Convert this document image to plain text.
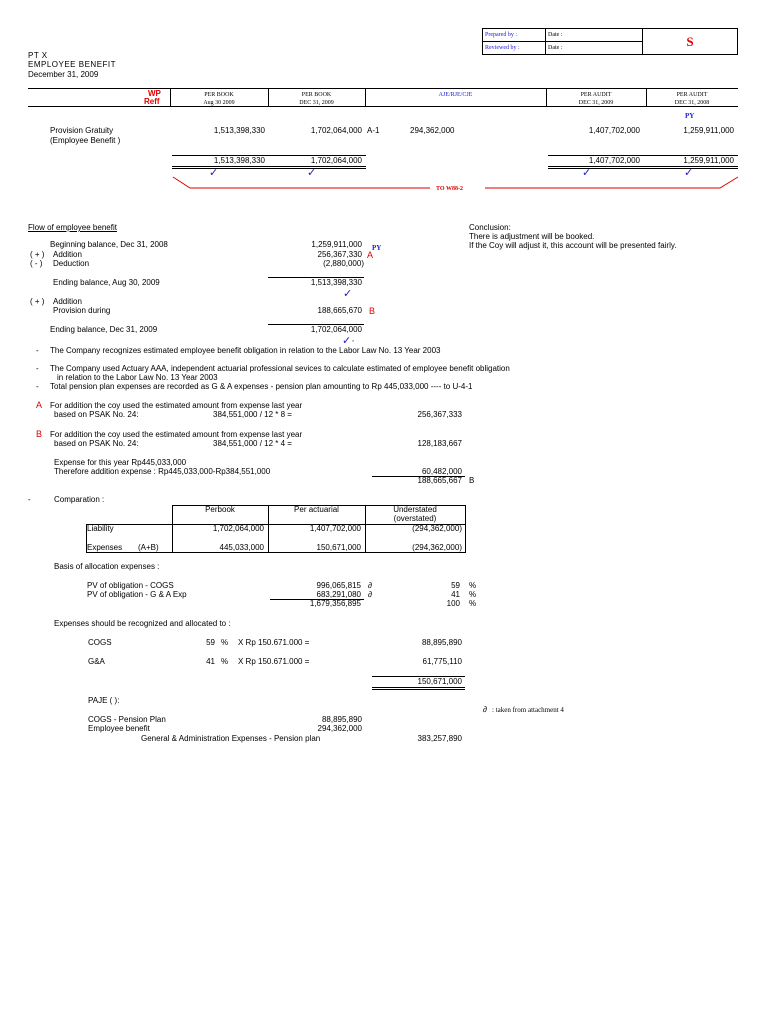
Prepared by :	Date :	S
Reviewed by :	Date :	
PT X
EMPLOYEE BENEFIT
December 31, 2009
WP
Reff
PER BOOK
Aug 30 2009
PER BOOK
DEC 31, 2009
AJE/RJE/CJE	PER AUDIT
DEC 31, 2009
PER AUDIT
DEC 31, 2008
PY
Provision Gratuity
(Employee Benefit )
1,513,398,330	1,702,064,000 A-1	294,362,000	1,407,702,000	1,259,911,000
1,513,398,330	1,702,064,000	1,407,702,000	1,259,911,000
✓	✓	✓	✓
TO W88-2
Flow of employee benefit
Beginning balance, Dec 31, 2008	1,259,911,000 PY
( + ) Addition	256,367,330 A
( - ) Deduction	(2,880,000)
Ending balance, Aug 30, 2009	1,513,398,330
✓
( + ) Addition
Provision during	188,665,670 B
Ending balance, Dec 31, 2009	1,702,064,000
✓·
Conclusion:
There is adjustment will be booked.
If the Coy will adjust it, this account will be presented fairly.
- The Company recognizes estimated employee benefit obligation in relation to the Labor Law No. 13 Year 2003
- The Company used Actuary AAA, independent actuarial professional sevices to calculate estimated of employee benefit obligation
in relation to the Labor Law No. 13 Year 2003
- Total pension plan expenses are recorded as G & A expenses - pension plan amounting to Rp 445,033,000 ---- to U-4-1
A For addition the coy used the estimated amount from expense last year
based on PSAK No. 24:	384,551,000 / 12 * 8 =	256,367,333
B For addition the coy used the estimated amount from expense last year
based on PSAK No. 24:	384,551,000 / 12 * 4 =	128,183,667
Expense for this year Rp445,033,000
Therefore addition expense : Rp445,033,000-Rp384,551,000	60,482,000
188,665,667 B
-	Comparation :
Perbook	Per actuarial	Understated
(overstated)
Liability	1,702,064,000	1,407,702,000	(294,362,000)
Expenses (A+B)	445,033,000	150,671,000	(294,362,000)
Basis of allocation expenses :
PV of obligation - COGS	996,065,815 ∂	59 %
PV of obligation - G & A Exp	683,291,080 ∂	41 %
1,679,356,895	100 %
Expenses should be recognized and allocated to :
COGS	59 % X Rp 150.671.000 =	88,895,890
G&A	41 % X Rp 150.671.000 =	61,775,110
150,671,000
PAJE ( ):
COGS - Pension Plan	88,895,890
Employee benefit	294,362,000
General & Administration Expenses - Pension plan	383,257,890
∂ : taken from attachment 4
